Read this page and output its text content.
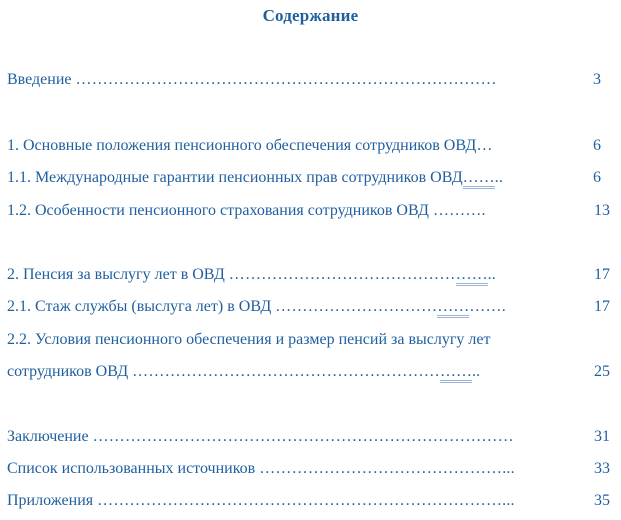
Содержание
Введение ……………………………………………………………………	3
1. Основные положения пенсионного обеспечения сотрудников ОВД…	6
1.1. Международные гарантии пенсионных прав сотрудников ОВД……..	6
1.2. Особенности пенсионного страхования сотрудников ОВД ……….	13
2. Пенсия за выслугу лет в ОВД …………………………………………..	17
2.1. Стаж службы (выслуга лет) в ОВД …………………………………….	17
2.2. Условия пенсионного обеспечения и размер пенсий за выслугу лет
сотрудников ОВД ………………………………………………………..	25
Заключение ……………………………………………………………………	31
Список использованных источников ………………………………………...	33
Приложения …………………………………………………………………...	35
